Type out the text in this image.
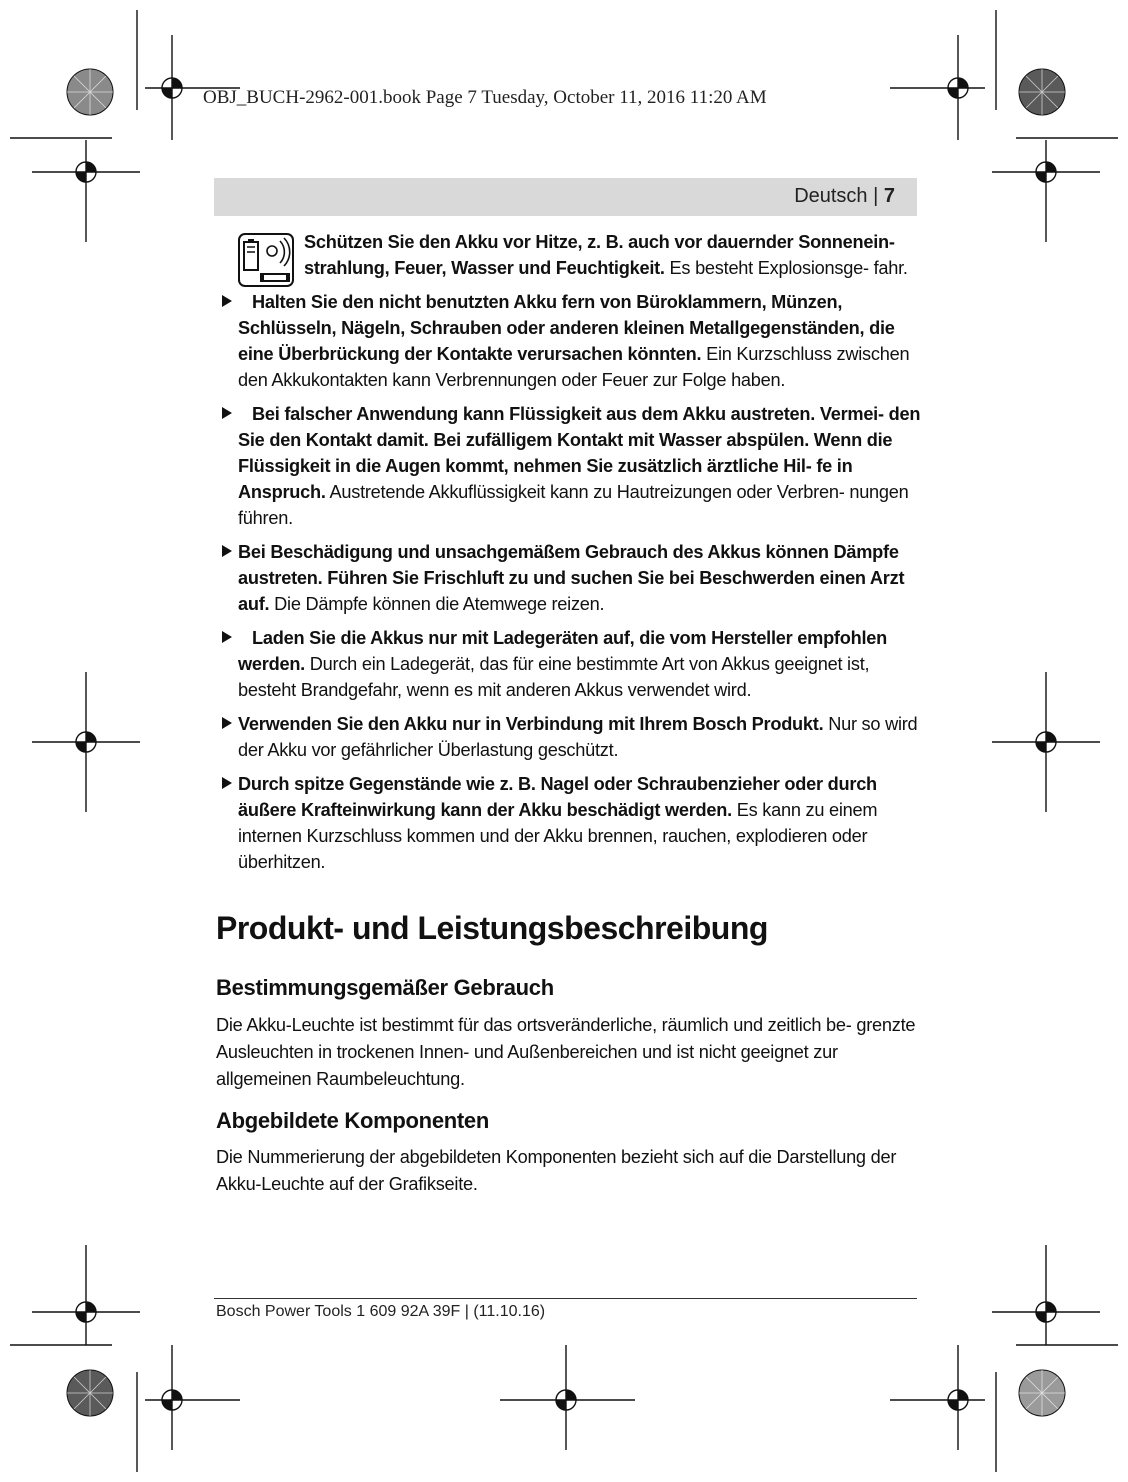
OBJ_BUCH-2962-001.book Page 7 Tuesday, October 11, 2016 11:20 AM
Deutsch | 7

Schützen Sie den Akku vor Hitze, z. B. auch vor dauernder Sonnenein- strahlung, Feuer, Wasser und Feuchtigkeit. Es besteht Explosionsge- fahr.

Halten Sie den nicht benutzten Akku fern von Büroklammern, Münzen, Schlüsseln, Nägeln, Schrauben oder anderen kleinen Metallgegenständen, die eine Überbrückung der Kontakte verursachen könnten. Ein Kurzschluss zwischen den Akkukontakten kann Verbrennungen oder Feuer zur Folge haben.

Bei falscher Anwendung kann Flüssigkeit aus dem Akku austreten. Vermei- den Sie den Kontakt damit. Bei zufälligem Kontakt mit Wasser abspülen. Wenn die Flüssigkeit in die Augen kommt, nehmen Sie zusätzlich ärztliche Hil- fe in Anspruch. Austretende Akkuflüssigkeit kann zu Hautreizungen oder Verbren- nungen führen.

Bei Beschädigung und unsachgemäßem Gebrauch des Akkus können Dämpfe austreten. Führen Sie Frischluft zu und suchen Sie bei Beschwerden einen Arzt auf. Die Dämpfe können die Atemwege reizen.

Laden Sie die Akkus nur mit Ladegeräten auf, die vom Hersteller empfohlen werden. Durch ein Ladegerät, das für eine bestimmte Art von Akkus geeignet ist, besteht Brandgefahr, wenn es mit anderen Akkus verwendet wird.

Verwenden Sie den Akku nur in Verbindung mit Ihrem Bosch Produkt. Nur so wird der Akku vor gefährlicher Überlastung geschützt.

Durch spitze Gegenstände wie z. B. Nagel oder Schraubenzieher oder durch äußere Krafteinwirkung kann der Akku beschädigt werden. Es kann zu einem internen Kurzschluss kommen und der Akku brennen, rauchen, explodieren oder überhitzen.

Produkt- und Leistungsbeschreibung
Bestimmungsgemäßer Gebrauch

Die Akku-Leuchte ist bestimmt für das ortsveränderliche, räumlich und zeitlich be- grenzte Ausleuchten in trockenen Innen- und Außenbereichen und ist nicht geeignet zur allgemeinen Raumbeleuchtung.

Abgebildete Komponenten

Die Nummerierung der abgebildeten Komponenten bezieht sich auf die Darstellung der Akku-Leuchte auf der Grafikseite.

Bosch Power Tools 1 609 92A 39F | (11.10.16)
